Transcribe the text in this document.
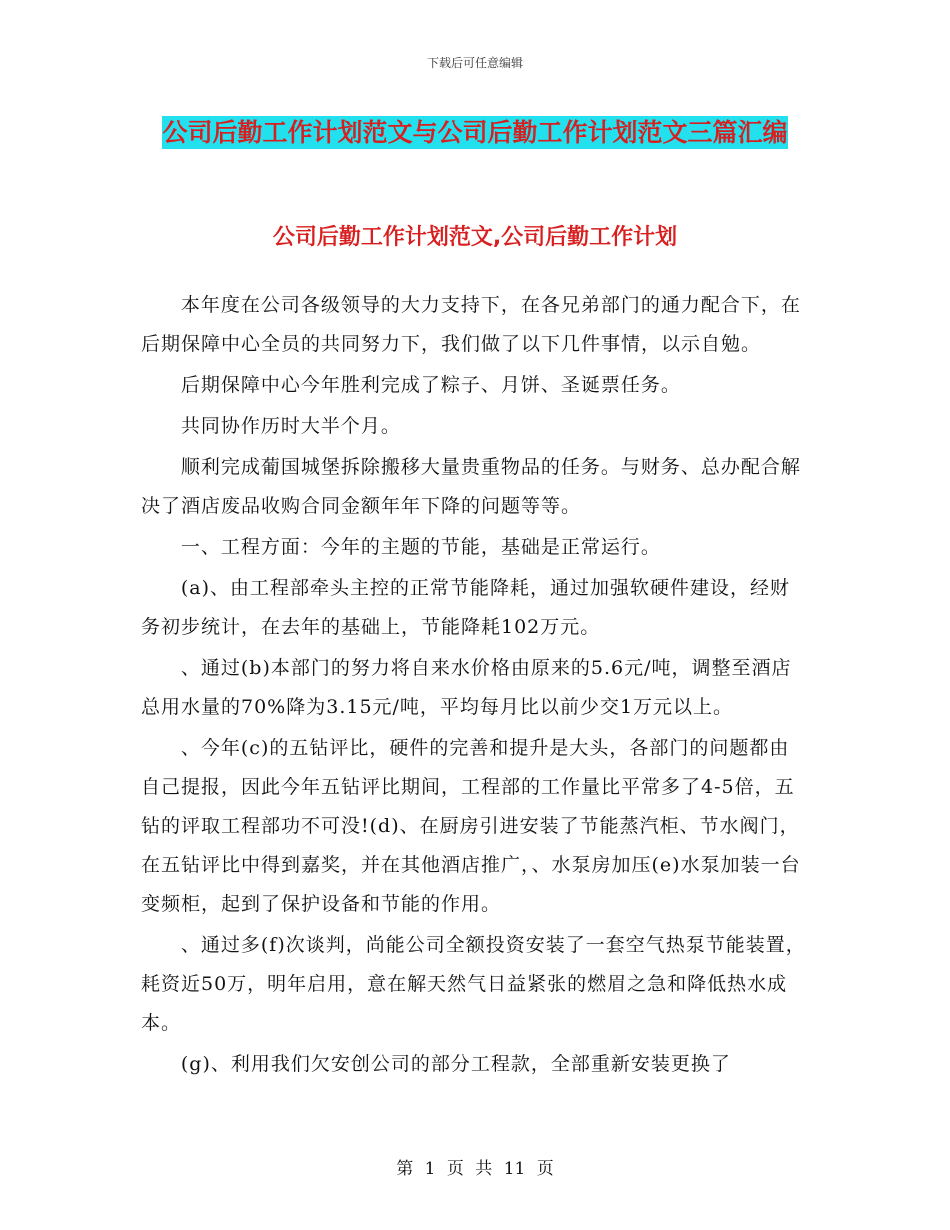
下载后可任意编辑
公司后勤工作计划范文与公司后勤工作计划范文三篇汇编
公司后勤工作计划范文,公司后勤工作计划

本年度在公司各级领导的大力支持下，在各兄弟部门的通力配合下，在后期保障中心全员的共同努力下，我们做了以下几件事情，以示自勉。

后期保障中心今年胜利完成了粽子、月饼、圣诞票任务。

共同协作历时大半个月。

顺利完成葡国城堡拆除搬移大量贵重物品的任务。与财务、总办配合解决了酒店废品收购合同金额年年下降的问题等等。

一、工程方面：今年的主题的节能，基础是正常运行。

(a)、由工程部牵头主控的正常节能降耗，通过加强软硬件建设，经财务初步统计，在去年的基础上，节能降耗102万元。

、通过(b)本部门的努力将自来水价格由原来的5.6元/吨，调整至酒店总用水量的70%降为3.15元/吨，平均每月比以前少交1万元以上。

、今年(c)的五钻评比，硬件的完善和提升是大头，各部门的问题都由自己提报，因此今年五钻评比期间，工程部的工作量比平常多了4-5倍，五钻的评取工程部功不可没!(d)、在厨房引进安装了节能蒸汽柜、节水阀门，在五钻评比中得到嘉奖，并在其他酒店推广，、水泵房加压(e)水泵加装一台变频柜，起到了保护设备和节能的作用。

、通过多(f)次谈判，尚能公司全额投资安装了一套空气热泵节能装置，耗资近50万，明年启用，意在解天然气日益紧张的燃眉之急和降低热水成本。

(g)、利用我们欠安创公司的部分工程款，全部重新安装更换了

第 1 页 共 11 页
